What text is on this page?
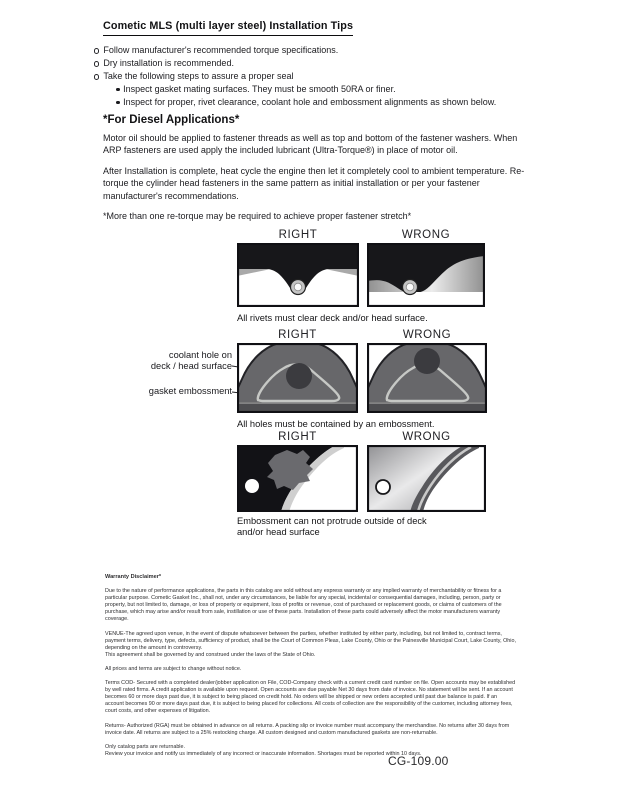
Cometic MLS (multi layer steel) Installation Tips
Follow manufacturer's recommended torque specifications.
Dry installation is recommended.
Take the following steps to assure a proper seal
Inspect gasket mating surfaces. They must be smooth 50RA or finer.
Inspect for proper, rivet clearance, coolant hole and embossment alignments as shown below.
*For Diesel Applications*

Motor oil should be applied to fastener threads as well as top and bottom of the fastener washers. When ARP fasteners are used apply the included lubricant (Ultra-Torque®) in place of motor oil.

After Installation is complete, heat cycle the engine then let it completely cool to ambient temperature. Re-torque the cylinder head fasteners in the same pattern as initial installation or per your fastener manufacturer's recommendations.

*More than one re-torque may be required to achieve proper fastener stretch*

RIGHT	WRONG
All rivets must clear deck and/or head surface.
RIGHT	WRONG
coolant hole on
deck / head surface
gasket embossment
All holes must be contained by an embossment.
RIGHT	WRONG
Embossment can not protrude outside of deck
and/or head surface

Warranty Disclaimer*

Due to the nature of performance applications, the parts in this catalog are sold without any express warranty or any implied warranty of merchantability or fitness for a particular purpose. Cometic Gasket Inc., shall not, under any circumstances, be liable for any special, incidental or consequential damages, including, person, party or property, but not limited to, damage, or loss of property or equipment, loss of profits or revenue, cost of purchased or replacement goods, or claims of customers of the purchase, which may arise and/or result from sale, instillation or use of these parts. Installation of these parts could adversely affect the motor manufacturers warranty coverage.

VENUE-The agreed upon venue, in the event of dispute whatsoever between the parties, whether instituted by either party, including, but not limited to, contract terms, payment terms, delivery, type, defects, sufficiency of product, shall be the Court of Common Pleas, Lake County, Ohio or the Painesville Municipal Court, Lake County, Ohio, depending on the amount in controversy.

This agreement shall be governed by and construed under the laws of the State of Ohio.

All prices and terms are subject to change without notice.

Terms COD- Secured with a completed dealer/jobber application on File, COD-Company check with a current credit card number on file. Open accounts may be established by well rated firms. A credit application is available upon request. Open accounts are due payable Net 30 days from date of invoice. No statement will be sent. If an account becomes 60 or more days past due, it is subject to being placed on credit hold. No orders will be shipped or new orders accepted until past due balance is paid. If an account becomes 90 or more days past due, it is subject to being placed for collections. All costs of collection are the responsibility of the customer, including attorney fees, court costs, and other expenses of litigation.

Returns- Authorized (RGA) must be obtained in advance on all returns. A packing slip or invoice number must accompany the merchandise. No returns after 30 days from invoice date. All returns are subject to a 25% restocking charge. All custom designed and custom manufactured gaskets are non-returnable.

Only catalog parts are returnable.

Review your invoice and notify us immediately of any incorrect or inaccurate information. Shortages must be reported within 10 days.

CG-109.00
